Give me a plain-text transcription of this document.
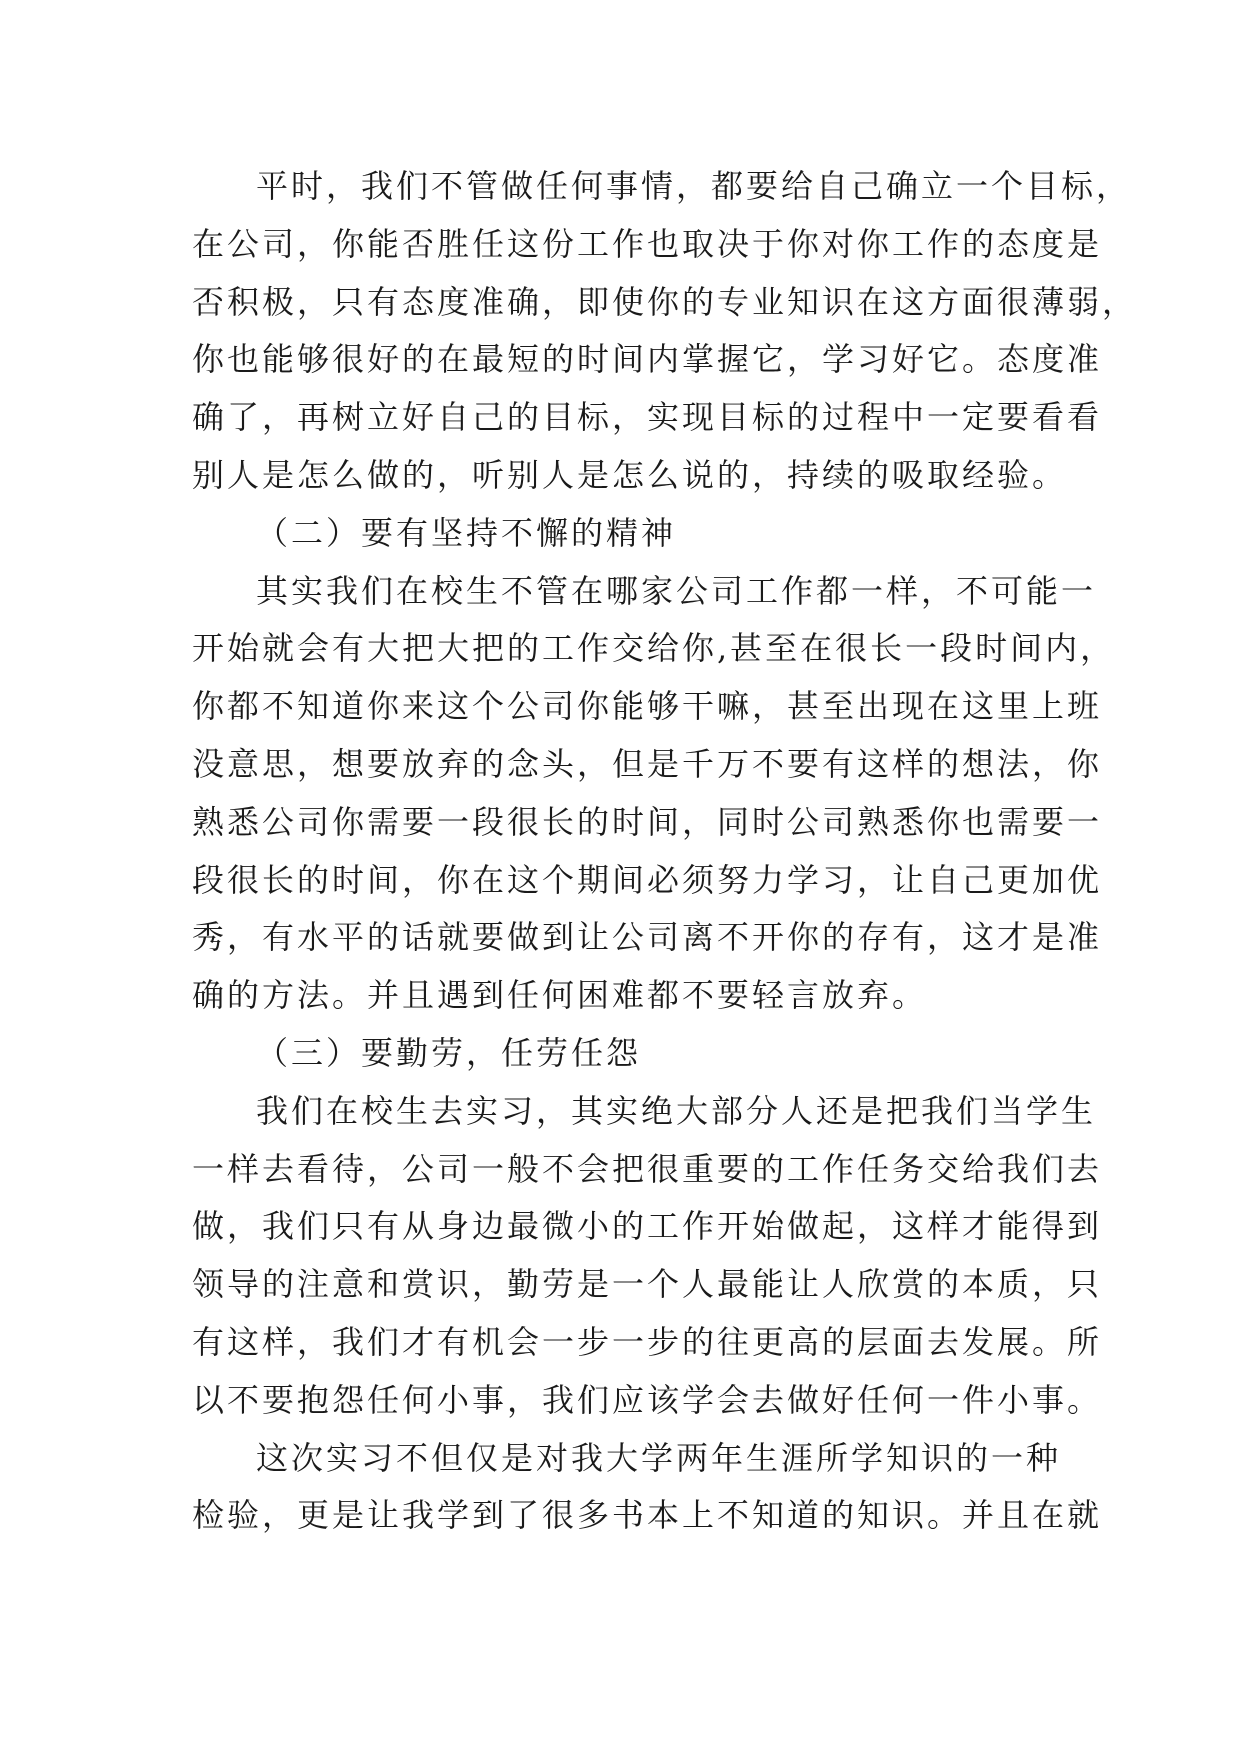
平时，我们不管做任何事情，都要给自己确立一个目标，
在公司，你能否胜任这份工作也取决于你对你工作的态度是
否积极，只有态度准确，即使你的专业知识在这方面很薄弱，
你也能够很好的在最短的时间内掌握它，学习好它。态度准
确了，再树立好自己的目标，实现目标的过程中一定要看看
别人是怎么做的，听别人是怎么说的，持续的吸取经验。
（二）要有坚持不懈的精神
其实我们在校生不管在哪家公司工作都一样，不可能一
开始就会有大把大把的工作交给你,甚至在很长一段时间内，
你都不知道你来这个公司你能够干嘛，甚至出现在这里上班
没意思，想要放弃的念头，但是千万不要有这样的想法，你
熟悉公司你需要一段很长的时间，同时公司熟悉你也需要一
段很长的时间，你在这个期间必须努力学习，让自己更加优
秀，有水平的话就要做到让公司离不开你的存有，这才是准
确的方法。并且遇到任何困难都不要轻言放弃。
（三）要勤劳，任劳任怨
我们在校生去实习，其实绝大部分人还是把我们当学生
一样去看待，公司一般不会把很重要的工作任务交给我们去
做，我们只有从身边最微小的工作开始做起，这样才能得到
领导的注意和赏识，勤劳是一个人最能让人欣赏的本质，只
有这样，我们才有机会一步一步的往更高的层面去发展。所
以不要抱怨任何小事，我们应该学会去做好任何一件小事。
这次实习不但仅是对我大学两年生涯所学知识的一种
检验，更是让我学到了很多书本上不知道的知识。并且在就
